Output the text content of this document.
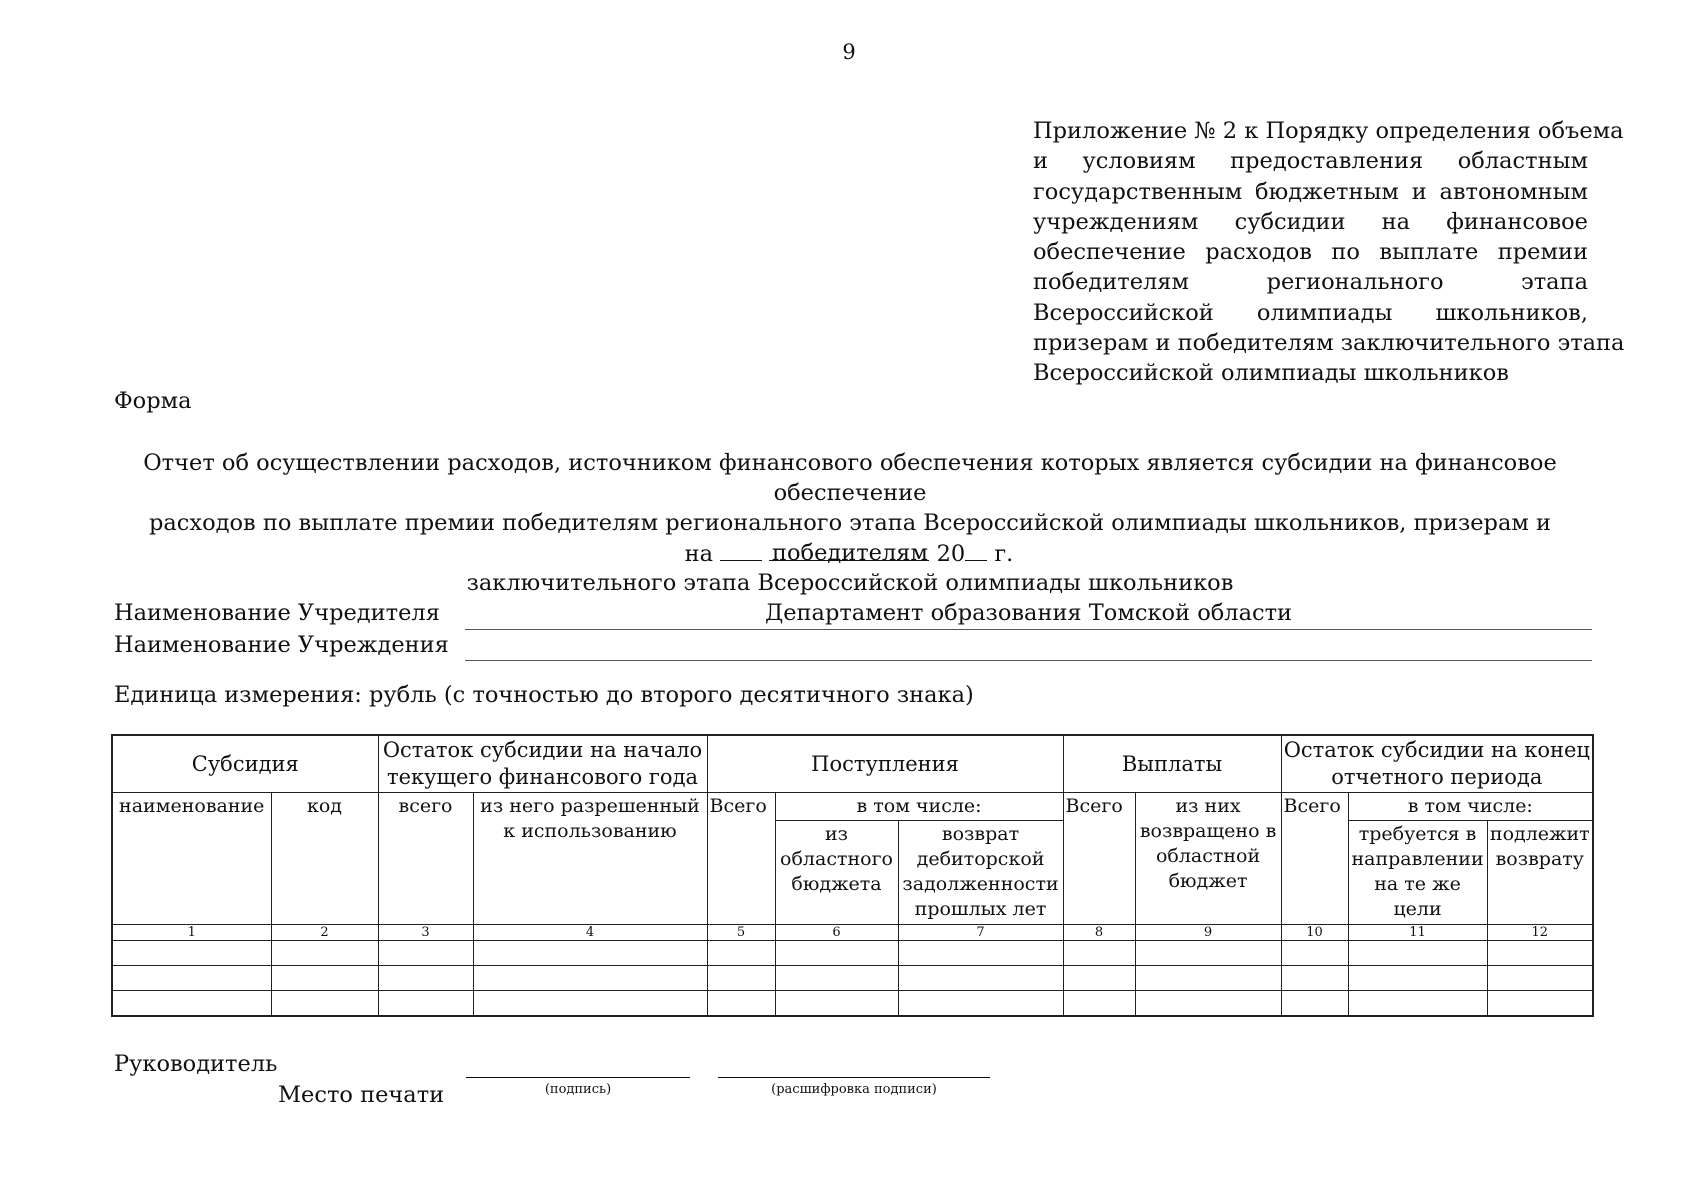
9
Приложение № 2 к Порядку определения объема
и условиям предоставления областным
государственным бюджетным и автономным
учреждениям субсидии на финансовое
обеспечение расходов по выплате премии
победителям регионального этапа
Всероссийской олимпиады школьников,
призерам и победителям заключительного этапа
Всероссийской олимпиады школьников
Форма
Отчет об осуществлении расходов, источником финансового обеспечения которых является субсидии на финансовое обеспечение
расходов по выплате премии победителям регионального этапа Всероссийской олимпиады школьников, призерам и победителям
заключительного этапа Всероссийской олимпиады школьников
на	20 г.
Наименование Учредителя	Департамент образования Томской области
Наименование Учреждения
Единица измерения: рубль (с точностью до второго десятичного знака)
Субсидия		Остаток субсидии на начало текущего финансового года		Поступления			Выплаты		Остаток субсидии на конец отчетного периода		
наименование	код	всего	из него разрешенный к использованию	Всего	в том числе:		Всего	из них возвращено в областной бюджет	Всего	в том числе:	
					из областного бюджета	возврат дебиторской задолженности прошлых лет				требуется в направлении на те же цели	подлежит возврату
1	2	3	4	5	6	7	8	9	10	11	12

Руководитель
Место печати	(подпись)	(расшифровка подписи)
